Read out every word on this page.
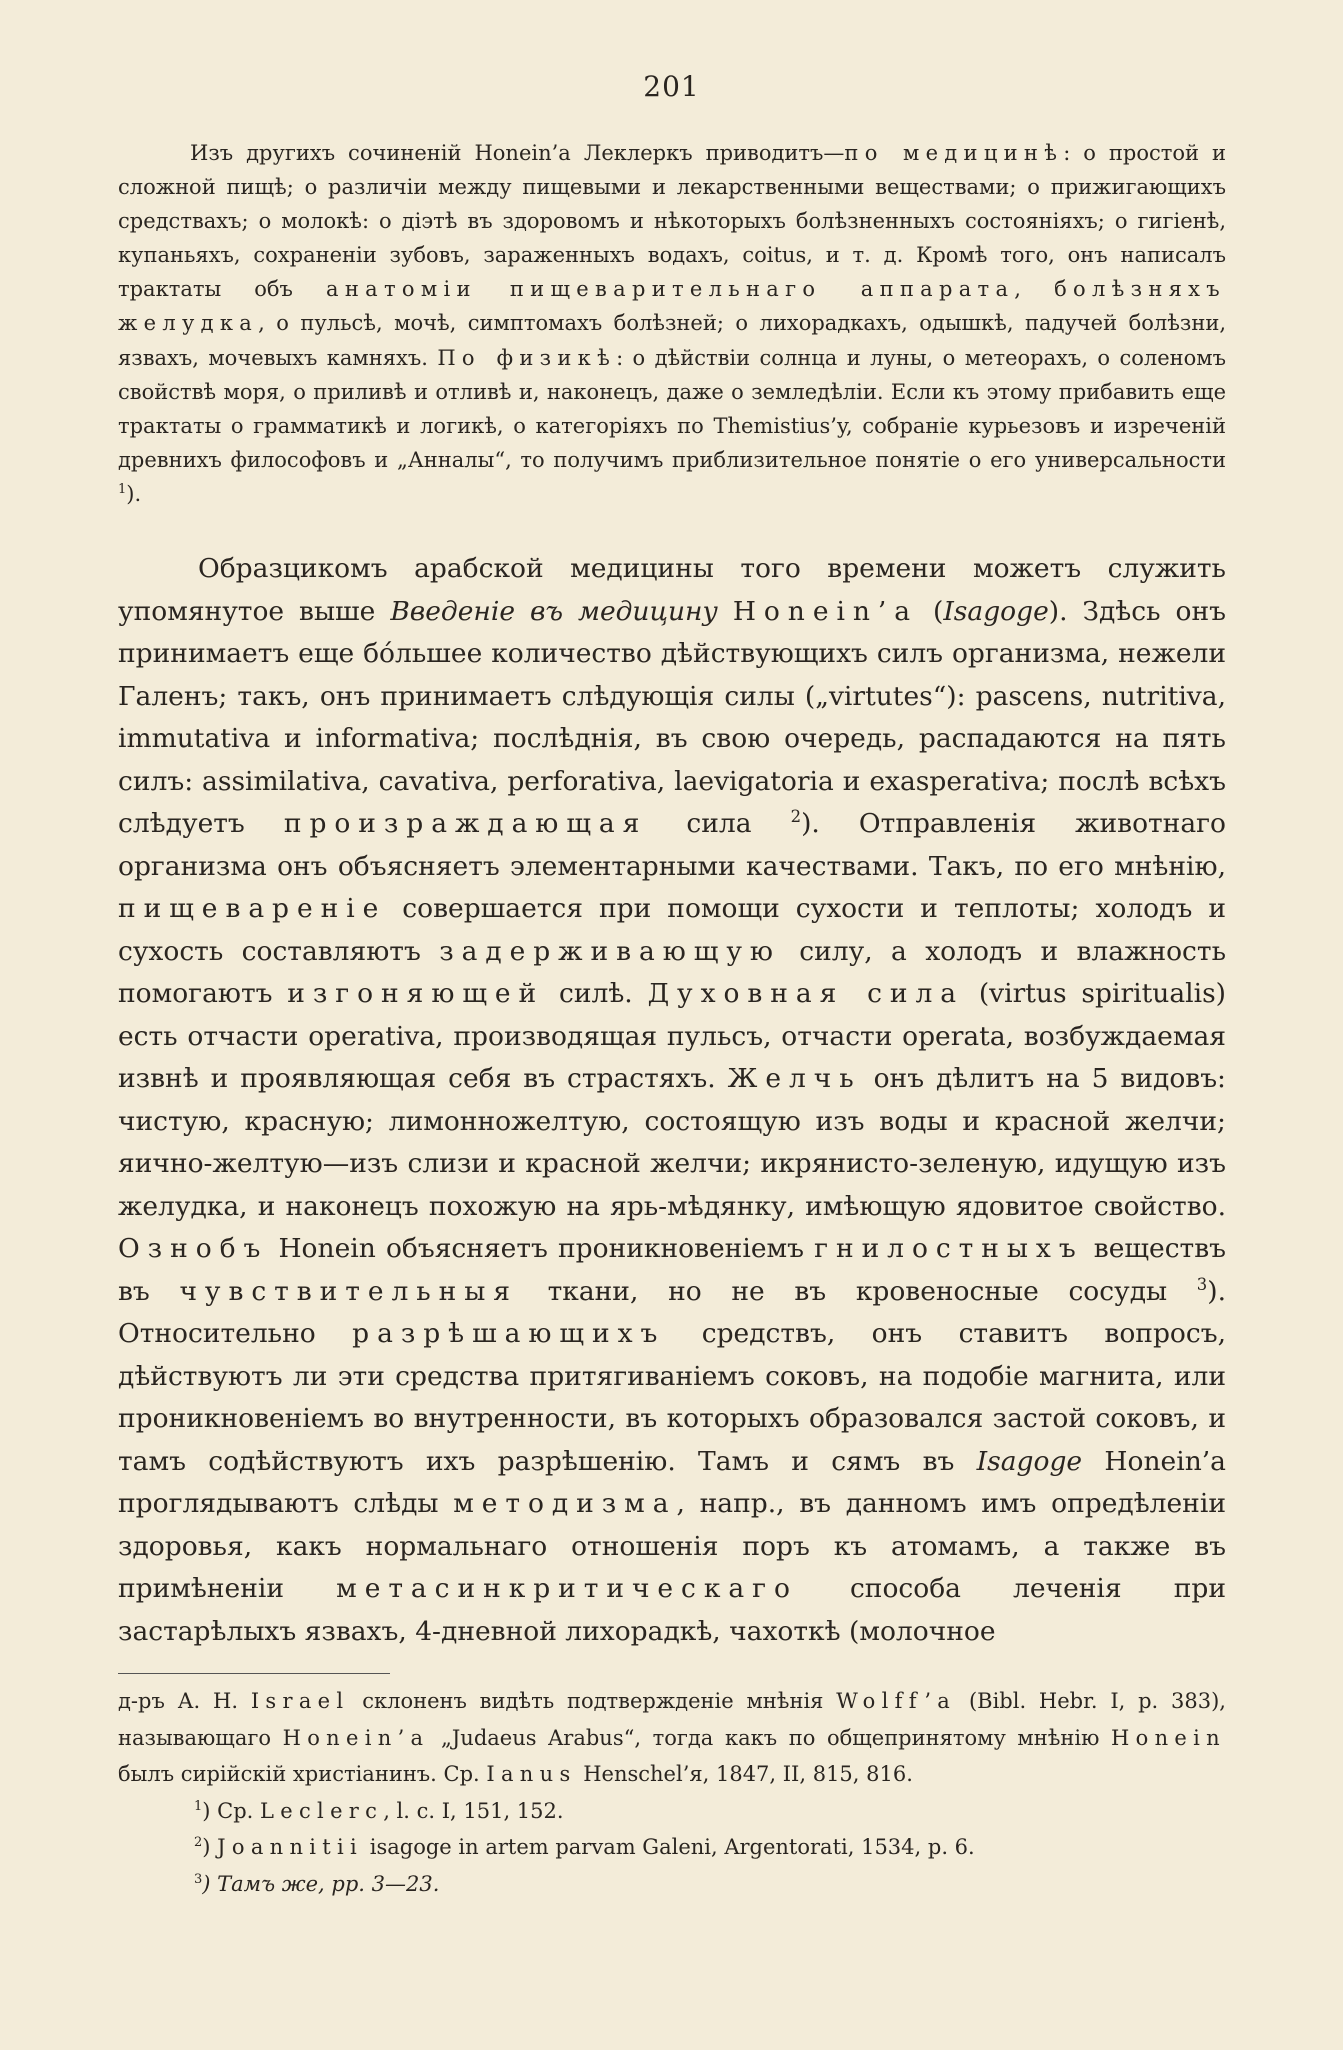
201

Изъ другихъ сочиненій Honein’a Леклеркъ приводитъ—по медицинѣ: о простой и сложной пищѣ; о различіи между пищевыми и лекарственными веществами; о прижигающихъ средствахъ; о молокѣ: о діэтѣ въ здоровомъ и нѣкоторыхъ болѣзненныхъ состояніяхъ; о гигіенѣ, купаньяхъ, сохраненіи зубовъ, зараженныхъ водахъ, coitus, и т. д. Кромѣ того, онъ написалъ трактаты объ анатоміи пищеварительнаго аппарата, болѣзняхъ желудка, о пульсѣ, мочѣ, симптомахъ болѣзней; о лихорадкахъ, одышкѣ, падучей болѣзни, язвахъ, мочевыхъ камняхъ. По физикѣ: о дѣйствіи солнца и луны, о метеорахъ, о соленомъ свойствѣ моря, о приливѣ и отливѣ и, наконецъ, даже о земледѣліи. Если къ этому прибавить еще трактаты о грамматикѣ и логикѣ, о категоріяхъ по Themistius’y, собраніе курьезовъ и изреченій древнихъ философовъ и „Анналы“, то получимъ приблизительное понятіе о его универсальности $^1$).

Образцикомъ арабской медицины того времени можетъ служить упомянутое выше Введеніе въ медицину Honein’a (Isagoge). Здѣсь онъ принимаетъ еще бóльшее количество дѣйствующихъ силъ организма, нежели Галенъ; такъ, онъ принимаетъ слѣдующія силы („virtutes“): pascens, nutritiva, immutativa и informativa; послѣднія, въ свою очередь, распадаются на пять силъ: assimilativa, cavativa, perforativa, laevigatoria и exasperativa; послѣ всѣхъ слѣдуетъ произраждающая сила $^2$). Отправленія животнаго организма онъ объясняетъ элементарными качествами. Такъ, по его мнѣнію, пищевареніе совершается при помощи сухости и теплоты; холодъ и сухость составляютъ задерживающую силу, а холодъ и влажность помогаютъ изгоняющей силѣ. Духовная сила (virtus spiritualis) есть отчасти operativa, производящая пульсъ, отчасти operata, возбуждаемая извнѣ и проявляющая себя въ страстяхъ. Желчь онъ дѣлитъ на 5 видовъ: чистую, красную; лимонножелтую, состоящую изъ воды и красной желчи; яично-желтую—изъ слизи и красной желчи; икрянисто-зеленую, идущую изъ желудка, и наконецъ похожую на ярь-мѣдянку, имѣющую ядовитое свойство. Ознобъ Honein объясняетъ проникновеніемъ гнилостныхъ веществъ въ чувствительныя ткани, но не въ кровеносные сосуды $^3$). Относительно разрѣшающихъ средствъ, онъ ставитъ вопросъ, дѣйствуютъ ли эти средства притягиваніемъ соковъ, на подобіе магнита, или проникновеніемъ во внутренности, въ которыхъ образовался застой соковъ, и тамъ содѣйствуютъ ихъ разрѣшенію. Тамъ и сямъ въ Isagoge Honein’a проглядываютъ слѣды методизма, напр., въ данномъ имъ опредѣленіи здоровья, какъ нормальнаго отношенія поръ къ атомамъ, а также въ примѣненіи метасинкритическаго способа леченія при застарѣлыхъ язвахъ, 4-дневной лихорадкѣ, чахоткѣ (молочное

д-ръ А. Н. Israel склоненъ видѣть подтвержденіе мнѣнія Wolff’a (Bibl. Hebr. I, p. 383), называющаго Honein’a „Judaeus Arabus“, тогда какъ по общепринятому мнѣнію Honein былъ сирійскій христіанинъ. Ср. Ianus Henschel’я, 1847, II, 815, 816.

$^1$) Ср. Leclerc, l. c. I, 151, 152.

$^2$) Joannitii isagoge in artem parvam Galeni, Argentorati, 1534, p. 6.

$^3$) Тамъ же, pp. 3—23.
